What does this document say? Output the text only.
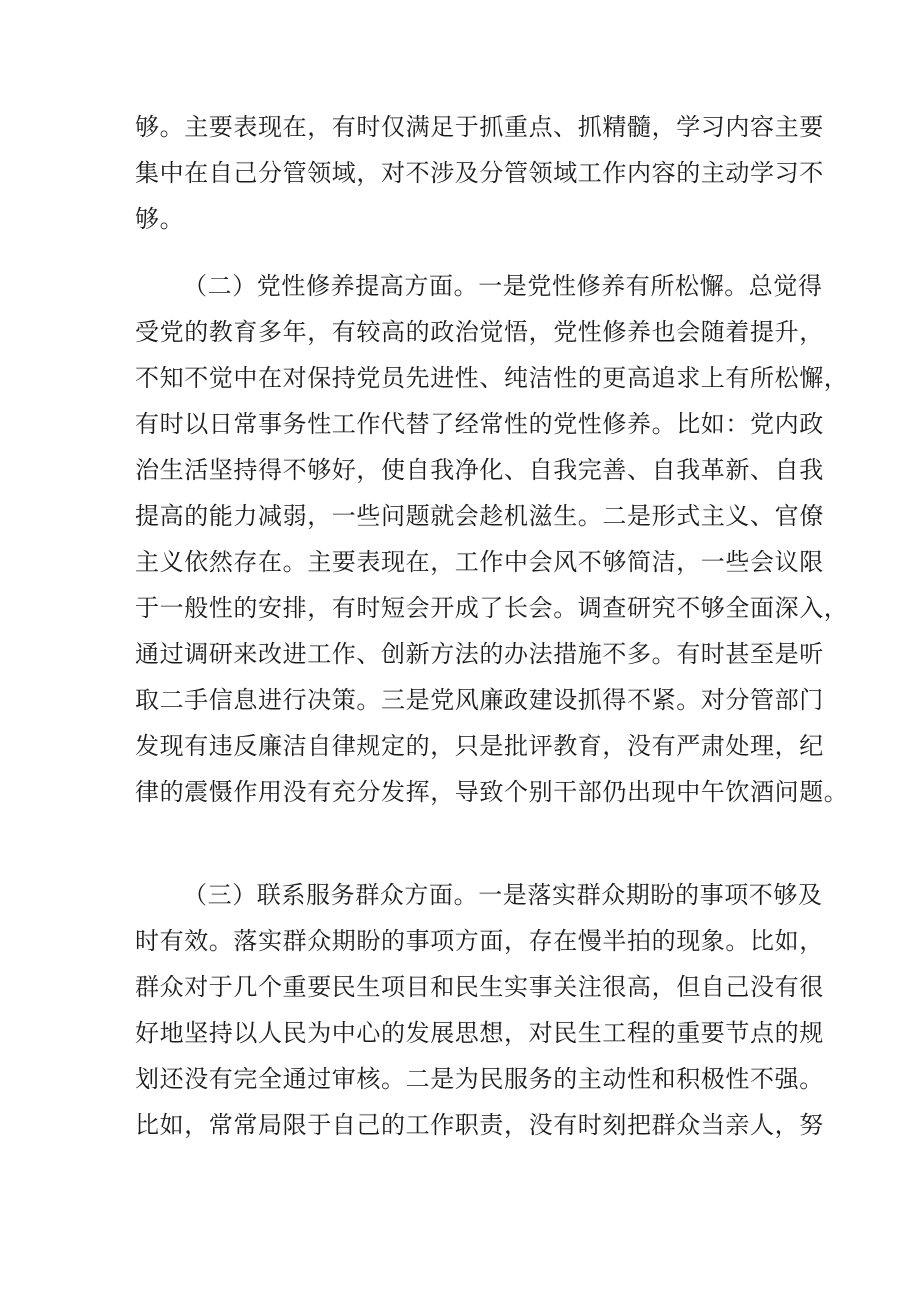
够。主要表现在，有时仅满足于抓重点、抓精髓，学习内容主要
集中在自己分管领域，对不涉及分管领域工作内容的主动学习不
够。
（二）党性修养提高方面。一是党性修养有所松懈。总觉得
受党的教育多年，有较高的政治觉悟，党性修养也会随着提升，
不知不觉中在对保持党员先进性、纯洁性的更高追求上有所松懈，
有时以日常事务性工作代替了经常性的党性修养。比如：党内政
治生活坚持得不够好，使自我净化、自我完善、自我革新、自我
提高的能力减弱，一些问题就会趁机滋生。二是形式主义、官僚
主义依然存在。主要表现在，工作中会风不够简洁，一些会议限
于一般性的安排，有时短会开成了长会。调查研究不够全面深入，
通过调研来改进工作、创新方法的办法措施不多。有时甚至是听
取二手信息进行决策。三是党风廉政建设抓得不紧。对分管部门
发现有违反廉洁自律规定的，只是批评教育，没有严肃处理，纪
律的震慑作用没有充分发挥，导致个别干部仍出现中午饮酒问题。
（三）联系服务群众方面。一是落实群众期盼的事项不够及
时有效。落实群众期盼的事项方面，存在慢半拍的现象。比如，
群众对于几个重要民生项目和民生实事关注很高，但自己没有很
好地坚持以人民为中心的发展思想，对民生工程的重要节点的规
划还没有完全通过审核。二是为民服务的主动性和积极性不强。
比如，常常局限于自己的工作职责，没有时刻把群众当亲人，努
